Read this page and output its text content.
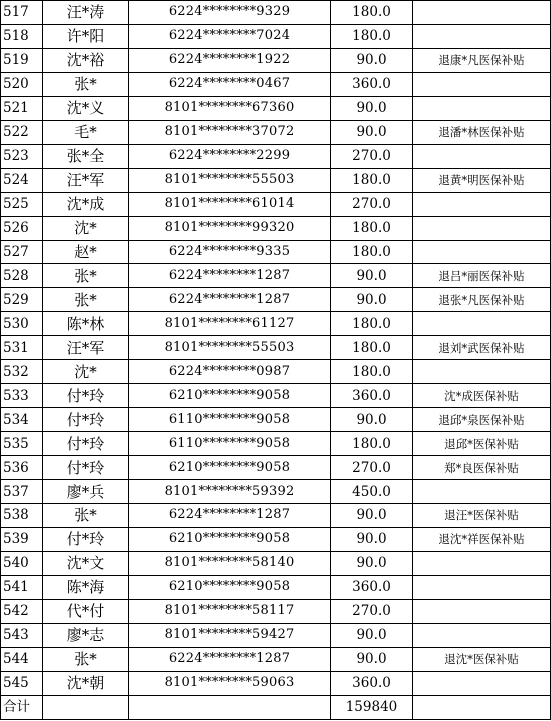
517	汪*涛	6224********9329	180.0	
518	许*阳	6224********7024	180.0	
519	沈*裕	6224********1922	90.0	退康*凡医保补贴
520	张*	6224********0467	360.0	
521	沈*义	8101********67360	90.0	
522	毛*	8101********37072	90.0	退潘*林医保补贴
523	张*全	6224********2299	270.0	
524	汪*军	8101********55503	180.0	退黄*明医保补贴
525	沈*成	8101********61014	270.0	
526	沈*	8101********99320	180.0	
527	赵*	6224********9335	180.0	
528	张*	6224********1287	90.0	退吕*丽医保补贴
529	张*	6224********1287	90.0	退张*凡医保补贴
530	陈*林	8101********61127	180.0	
531	汪*军	8101********55503	180.0	退刘*武医保补贴
532	沈*	6224********0987	180.0	
533	付*玲	6210********9058	360.0	沈*成医保补贴
534	付*玲	6110********9058	90.0	退邱*泉医保补贴
535	付*玲	6110********9058	180.0	退邱*医保补贴
536	付*玲	6210********9058	270.0	郑*良医保补贴
537	廖*兵	8101********59392	450.0	
538	张*	6224********1287	90.0	退汪*医保补贴
539	付*玲	6210********9058	90.0	退沈*祥医保补贴
540	沈*文	8101********58140	90.0	
541	陈*海	6210********9058	360.0	
542	代*付	8101********58117	270.0	
543	廖*志	8101********59427	90.0	
544	张*	6224********1287	90.0	退沈*医保补贴
545	沈*朝	8101********59063	360.0	
合计			159840	
